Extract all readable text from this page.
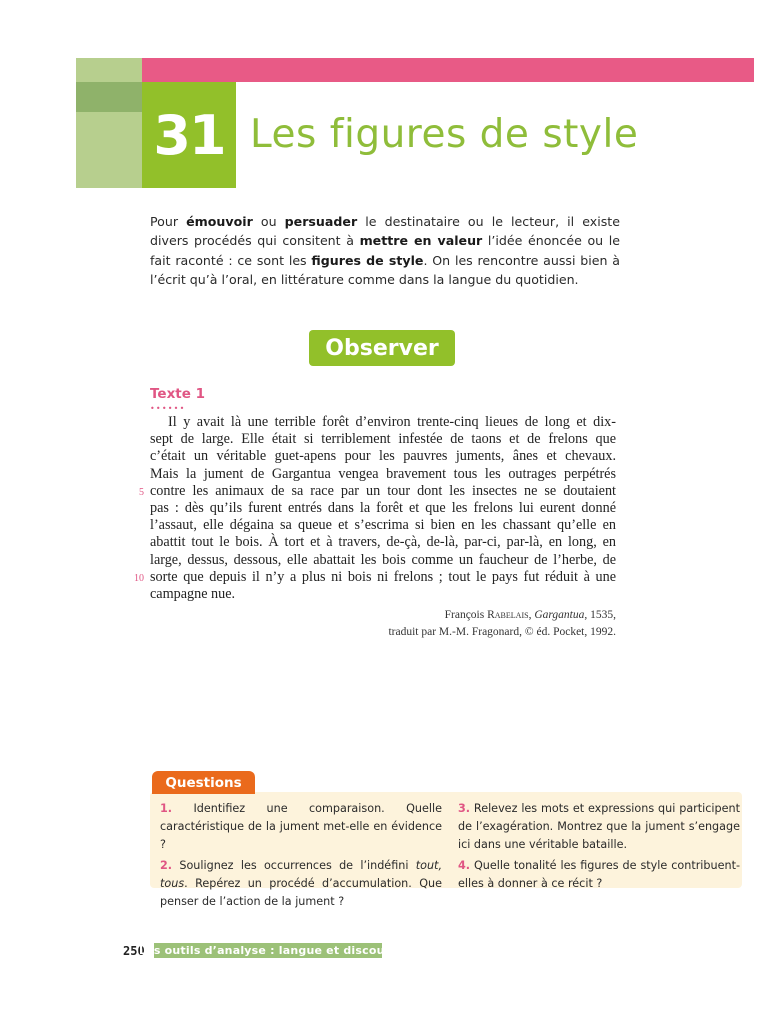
31 Les figures de style
Pour émouvoir ou persuader le destinataire ou le lecteur, il existe divers procédés qui consitent à mettre en valeur l’idée énoncée ou le fait raconté : ce sont les figures de style. On les rencontre aussi bien à l’écrit qu’à l’oral, en littérature comme dans la langue du quotidien.
Observer
Texte 1
••••••
Il y avait là une terrible forêt d’environ trente-cinq lieues de long et dix-
sept de large. Elle était si terriblement infestée de taons et de frelons que
c’était un véritable guet-apens pour les pauvres juments, ânes et chevaux.
Mais la jument de Gargantua vengea bravement tous les outrages perpétrés
contre les animaux de sa race par un tour dont les insectes ne se doutaient
pas : dès qu’ils furent entrés dans la forêt et que les frelons lui eurent donné
l’assaut, elle dégaina sa queue et s’escrima si bien en les chassant qu’elle en
abattit tout le bois. À tort et à travers, de-çà, de-là, par-ci, par-là, en long, en
large, dessus, dessous, elle abattait les bois comme un faucheur de l’herbe, de
sorte que depuis il n’y a plus ni bois ni frelons ; tout le pays fut réduit à une
campagne nue.
5
10
François Rabelais, Gargantua, 1535,
traduit par M.-M. Fragonard, © éd. Pocket, 1992.
Questions
1. Identifiez une comparaison. Quelle caractéristique de la jument met-elle en évidence ?
2. Soulignez les occurrences de l’indéfini tout, tous. Repérez un procédé d’accumulation. Que penser de l’action de la jument ?
3. Relevez les mots et expressions qui participent de l’exagération. Montrez que la jument s’engage ici dans une véritable bataille.
4. Quelle tonalité les figures de style contribuent-elles à donner à ce récit ?
250
Les outils d’analyse : langue et discours
